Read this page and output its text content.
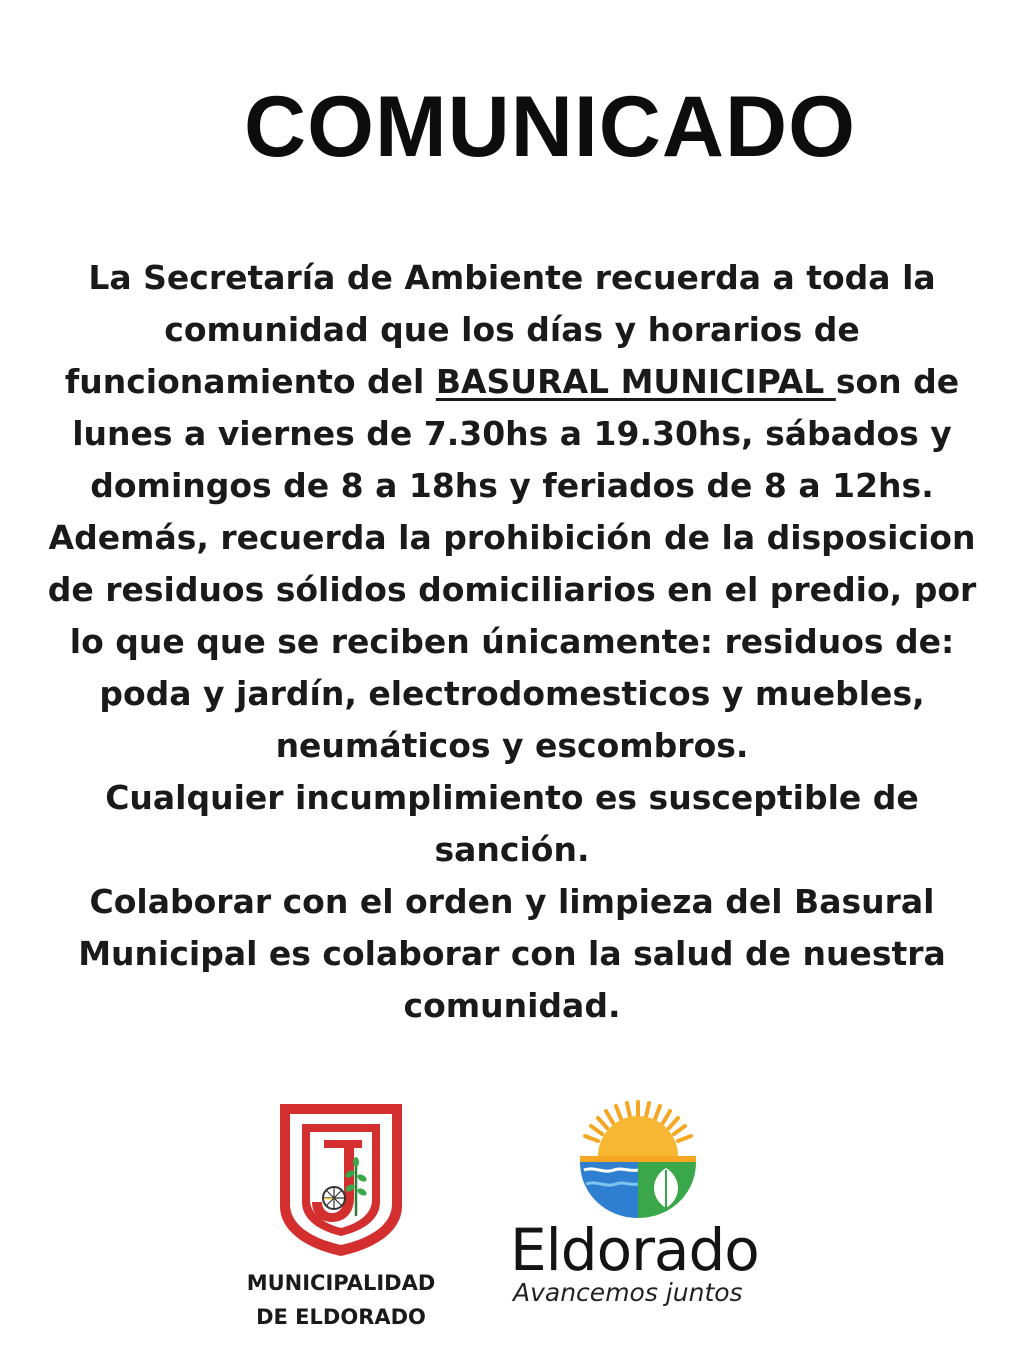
COMUNICADO

La Secretaría de Ambiente recuerda a toda la comunidad que los días y horarios de funcionamiento del BASURAL MUNICIPAL son de lunes a viernes de 7.30hs a 19.30hs, sábados y domingos de 8 a 18hs y feriados de 8 a 12hs.

Además, recuerda la prohibición de la disposicion de residuos sólidos domiciliarios en el predio, por lo que que se reciben únicamente: residuos de: poda y jardín, electrodomesticos y muebles, neumáticos y escombros.

Cualquier incumplimiento es susceptible de sanción.

Colaborar con el orden y limpieza del Basural Municipal es colaborar con la salud de nuestra comunidad.

MUNICIPALIDAD
DE ELDORADO
Eldorado
Avancemos juntos
